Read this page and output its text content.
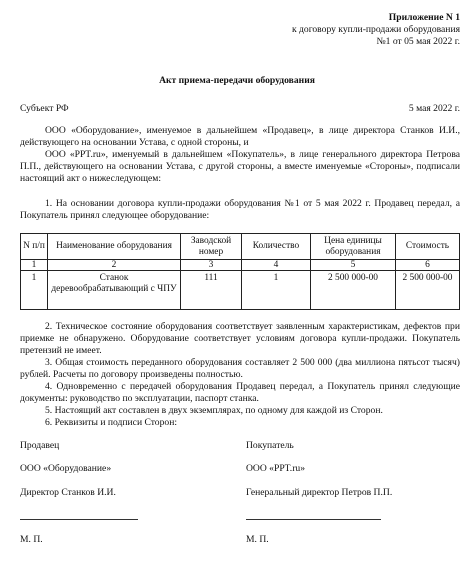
Приложение N 1
к договору купли-продажи оборудования
№1 от 05 мая 2022 г.
Акт приема-передачи оборудования
Субъект РФ	5 мая 2022 г.
ООО «Оборудование», именуемое в дальнейшем «Продавец», в лице директора Станков И.И., действующего на основании Устава, с одной стороны, и
ООО «PPT.ru», именуемый в дальнейшем «Покупатель», в лице генерального директора Петрова П.П., действующего на основании Устава, с другой стороны, а вместе именуемые «Стороны», подписали настоящий акт о нижеследующем:
1. На основании договора купли-продажи оборудования №1 от 5 мая 2022 г. Продавец передал, а Покупатель принял следующее оборудование:
N п/п	Наименование оборудования	Заводской номер	Количество	Цена единицы оборудования	Стоимость
1	2	3	4	5	6
1	Станок деревообрабатывающий с ЧПУ	111	1	2 500 000-00	2 500 000-00
2. Техническое состояние оборудования соответствует заявленным характеристикам, дефектов при приемке не обнаружено. Оборудование соответствует условиям договора купли-продажи. Покупатель претензий не имеет.
3. Общая стоимость переданного оборудования составляет 2 500 000 (два миллиона пятьсот тысяч) рублей. Расчеты по договору произведены полностью.
4. Одновременно с передачей оборудования Продавец передал, а Покупатель принял следующие документы: руководство по эксплуатации, паспорт станка.
5. Настоящий акт составлен в двух экземплярах, по одному для каждой из Сторон.
6. Реквизиты и подписи Сторон:
Продавец	Покупатель
ООО «Оборудование»	ООО «PPT.ru»
Директор Станков И.И.	Генеральный директор Петров П.П.
М. П.	М. П.
